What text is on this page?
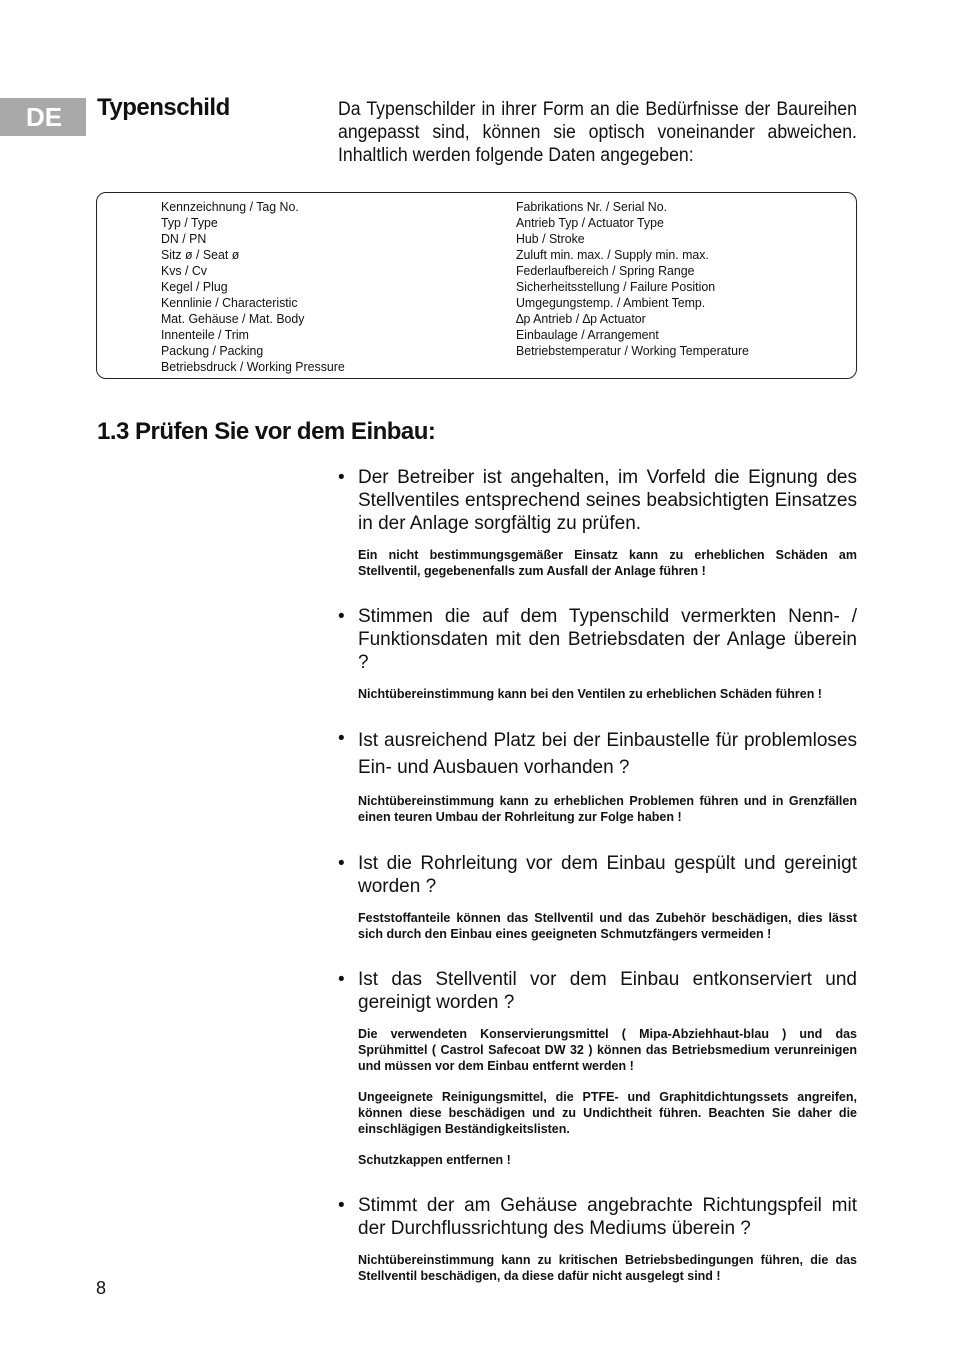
DE	Typenschild	Da Typenschilder in ihrer Form an die Bedürfnisse der Baureihen angepasst sind, können sie optisch voneinander abweichen. Inhaltlich werden folgende Daten angegeben:

Kennzeichnung / Tag No.
Typ / Type
DN / PN
Sitz ø / Seat ø
Kvs / Cv
Kegel / Plug
Kennlinie / Characteristic
Mat. Gehäuse / Mat. Body
Innenteile / Trim
Packung / Packing
Betriebsdruck / Working Pressure
Fabrikations Nr. / Serial No.
Antrieb Typ / Actuator Type
Hub / Stroke
Zuluft min. max. / Supply min. max.
Federlaufbereich / Spring Range
Sicherheitsstellung / Failure Position
Umgegungstemp. / Ambient Temp.
∆p Antrieb / ∆p Actuator
Einbaulage / Arrangement
Betriebstemperatur / Working Temperature
1.3 Prüfen Sie vor dem Einbau:
• Der Betreiber ist angehalten, im Vorfeld die Eignung des Stellventiles entsprechend seines beabsichtigten Einsatzes in der Anlage sorgfältig zu prüfen.

Ein nicht bestimmungsgemäßer Einsatz kann zu erheblichen Schäden am Stellventil, gegebenenfalls zum Ausfall der Anlage führen !

• Stimmen die auf dem Typenschild vermerkten Nenn- / Funktionsdaten mit den Betriebsdaten der Anlage überein ?

Nichtübereinstimmung kann bei den Ventilen zu erheblichen Schäden führen !

• Ist ausreichend Platz bei der Einbaustelle für problemloses Ein- und Ausbauen vorhanden ?

Nichtübereinstimmung kann zu erheblichen Problemen führen und in Grenzfällen einen teuren Umbau der Rohrleitung zur Folge haben !

• Ist die Rohrleitung vor dem Einbau gespült und gereinigt worden ?

Feststoffanteile können das Stellventil und das Zubehör beschädigen, dies lässt sich durch den Einbau eines geeigneten Schmutzfängers vermeiden !

• Ist das Stellventil vor dem Einbau entkonserviert und gereinigt worden ?

Die verwendeten Konservierungsmittel ( Mipa-Abziehhaut-blau ) und das Sprühmittel ( Castrol Safecoat DW 32 ) können das Betriebsmedium verunreinigen und müssen vor dem Einbau entfernt werden !

Ungeeignete Reinigungsmittel, die PTFE- und Graphitdichtungssets angreifen, können diese beschädigen und zu Undichtheit führen. Beachten Sie daher die einschlägigen Beständigkeitslisten.

Schutzkappen entfernen !

• Stimmt der am Gehäuse angebrachte Richtungspfeil mit der Durchflussrichtung des Mediums überein ?

Nichtübereinstimmung kann zu kritischen Betriebsbedingungen führen, die das Stellventil beschädigen, da diese dafür nicht ausgelegt sind !

8
